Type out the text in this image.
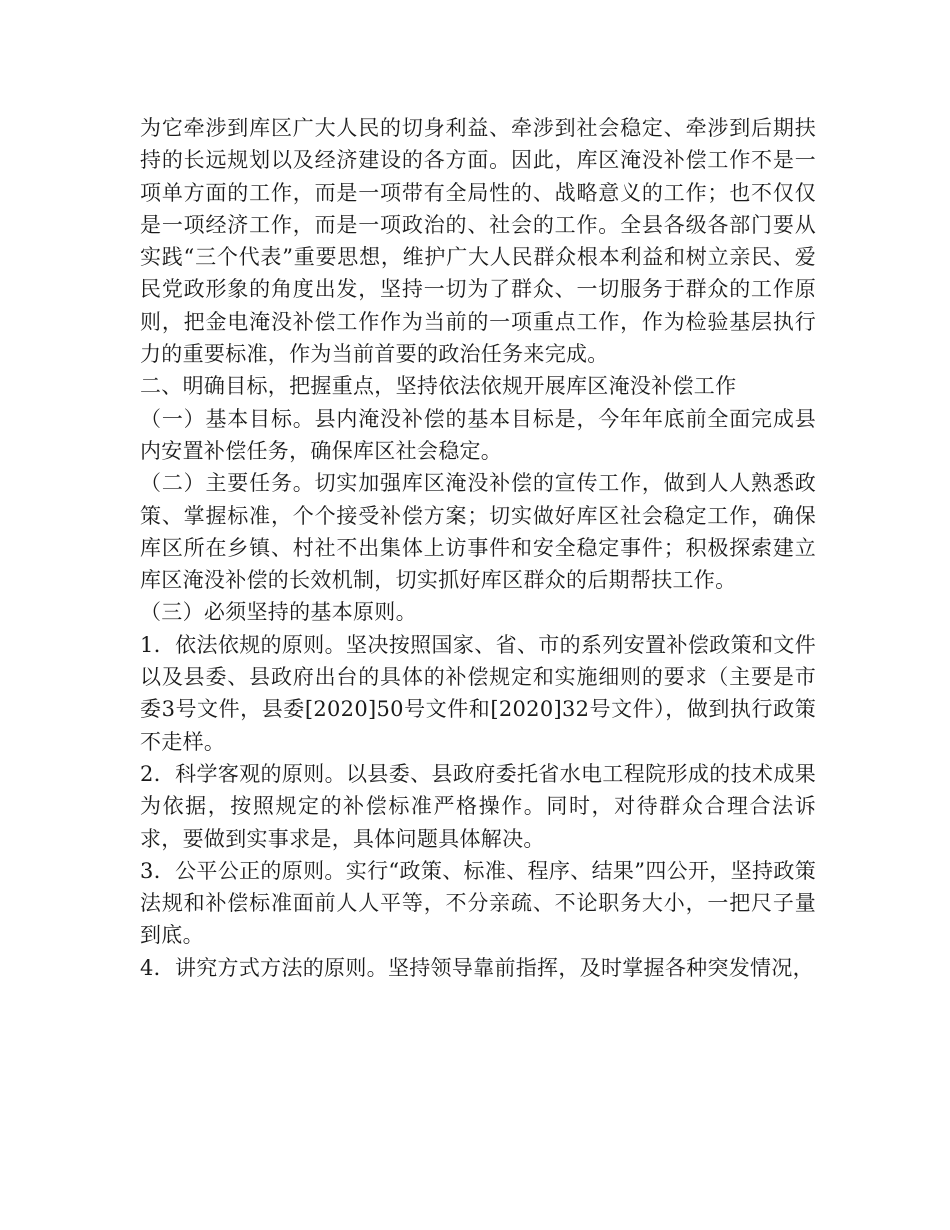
为它牵涉到库区广大人民的切身利益、牵涉到社会稳定、牵涉到后期扶持的长远规划以及经济建设的各方面。因此，库区淹没补偿工作不是一项单方面的工作，而是一项带有全局性的、战略意义的工作；也不仅仅是一项经济工作，而是一项政治的、社会的工作。全县各级各部门要从实践“三个代表”重要思想，维护广大人民群众根本利益和树立亲民、爱民党政形象的角度出发，坚持一切为了群众、一切服务于群众的工作原则，把金电淹没补偿工作作为当前的一项重点工作，作为检验基层执行力的重要标准，作为当前首要的政治任务来完成。

二、明确目标，把握重点，坚持依法依规开展库区淹没补偿工作

（一）基本目标。县内淹没补偿的基本目标是，今年年底前全面完成县内安置补偿任务，确保库区社会稳定。

（二）主要任务。切实加强库区淹没补偿的宣传工作，做到人人熟悉政策、掌握标准，个个接受补偿方案；切实做好库区社会稳定工作，确保库区所在乡镇、村社不出集体上访事件和安全稳定事件；积极探索建立库区淹没补偿的长效机制，切实抓好库区群众的后期帮扶工作。

（三）必须坚持的基本原则。

1．依法依规的原则。坚决按照国家、省、市的系列安置补偿政策和文件以及县委、县政府出台的具体的补偿规定和实施细则的要求（主要是市委3号文件，县委[2020]50号文件和[2020]32号文件），做到执行政策不走样。

2．科学客观的原则。以县委、县政府委托省水电工程院形成的技术成果为依据，按照规定的补偿标准严格操作。同时，对待群众合理合法诉求，要做到实事求是，具体问题具体解决。

3．公平公正的原则。实行“政策、标准、程序、结果”四公开，坚持政策法规和补偿标准面前人人平等，不分亲疏、不论职务大小，一把尺子量到底。

4．讲究方式方法的原则。坚持领导靠前指挥，及时掌握各种突发情况，
